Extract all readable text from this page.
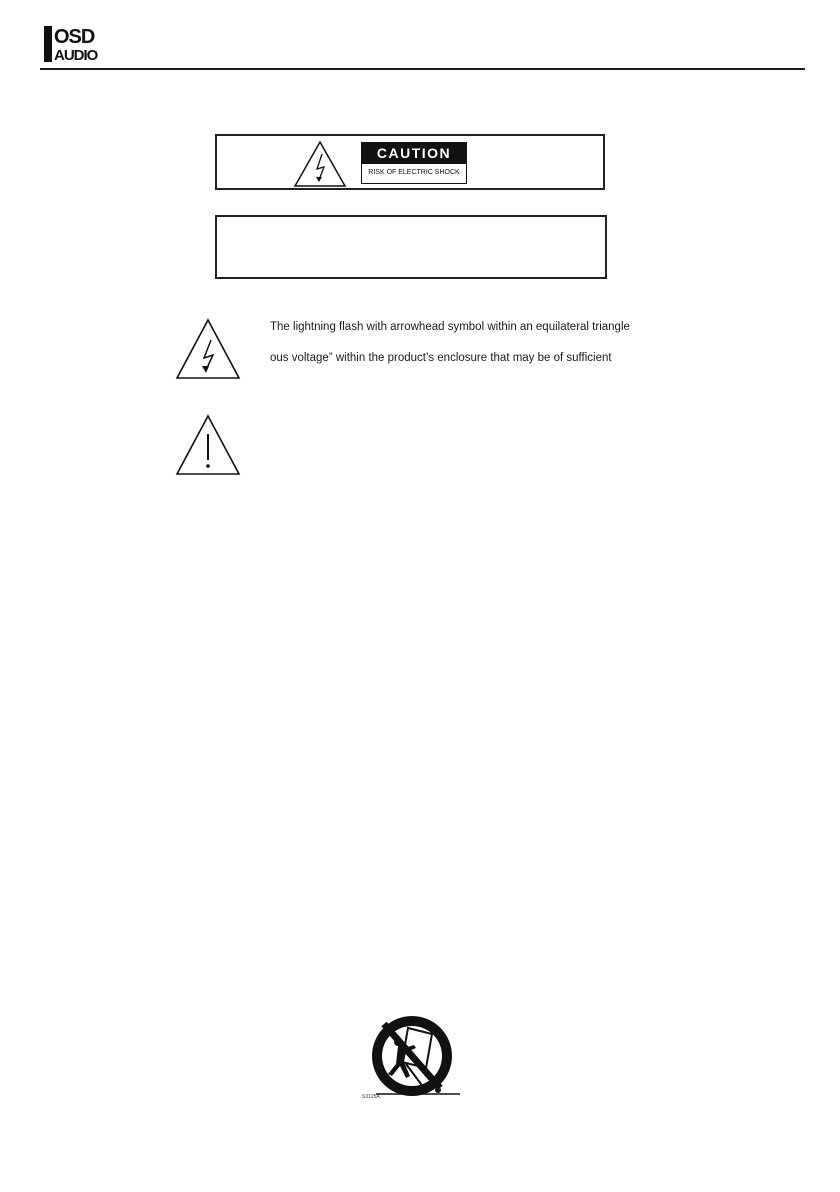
OSD
AUDIO
CAUTION
RISK OF ELECTRIC SHOCK
The lightning flash with arrowhead symbol within an equilateral triangle
ous voltage” within the product’s enclosure that may be of sufficient
S3125A
